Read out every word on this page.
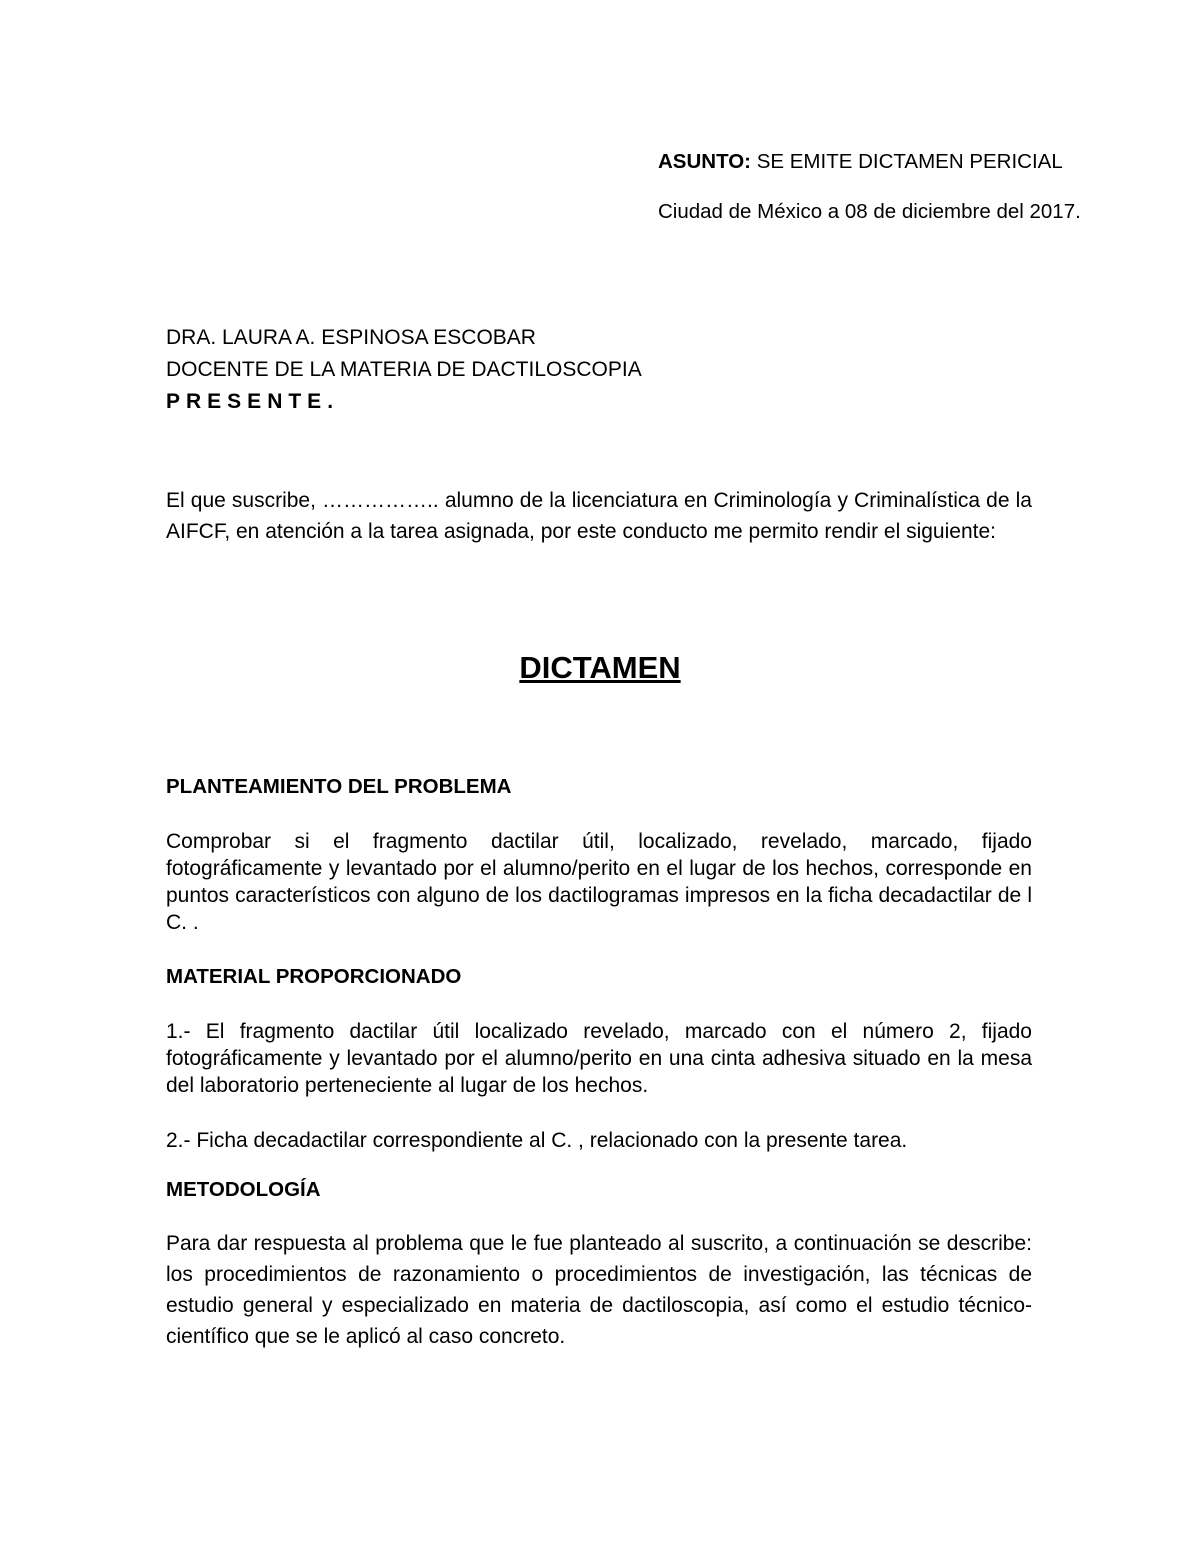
ASUNTO: SE EMITE DICTAMEN PERICIAL
Ciudad de México a 08 de diciembre del 2017.
DRA. LAURA A. ESPINOSA ESCOBAR
DOCENTE DE LA MATERIA DE DACTILOSCOPIA
PRESENTE.
El que suscribe, …………….. alumno de la licenciatura en Criminología y Criminalística de la AIFCF, en atención a la tarea asignada, por este conducto me permito rendir el siguiente:
DICTAMEN
PLANTEAMIENTO DEL PROBLEMA
Comprobar si el fragmento dactilar útil, localizado, revelado, marcado, fijado fotográficamente y levantado por el alumno/perito en el lugar de los hechos, corresponde en puntos característicos con alguno de los dactilogramas impresos en la ficha decadactilar de l C. .
MATERIAL PROPORCIONADO
1.- El fragmento dactilar útil localizado revelado, marcado con el número 2, fijado fotográficamente y levantado por el alumno/perito en una cinta adhesiva situado en la mesa del laboratorio perteneciente al lugar de los hechos.
2.- Ficha decadactilar correspondiente al C. , relacionado con la presente tarea.
METODOLOGÍA
Para dar respuesta al problema que le fue planteado al suscrito, a continuación se describe: los procedimientos de razonamiento o procedimientos de investigación, las técnicas de estudio general y especializado en materia de dactiloscopia, así como el estudio técnico-científico que se le aplicó al caso concreto.
